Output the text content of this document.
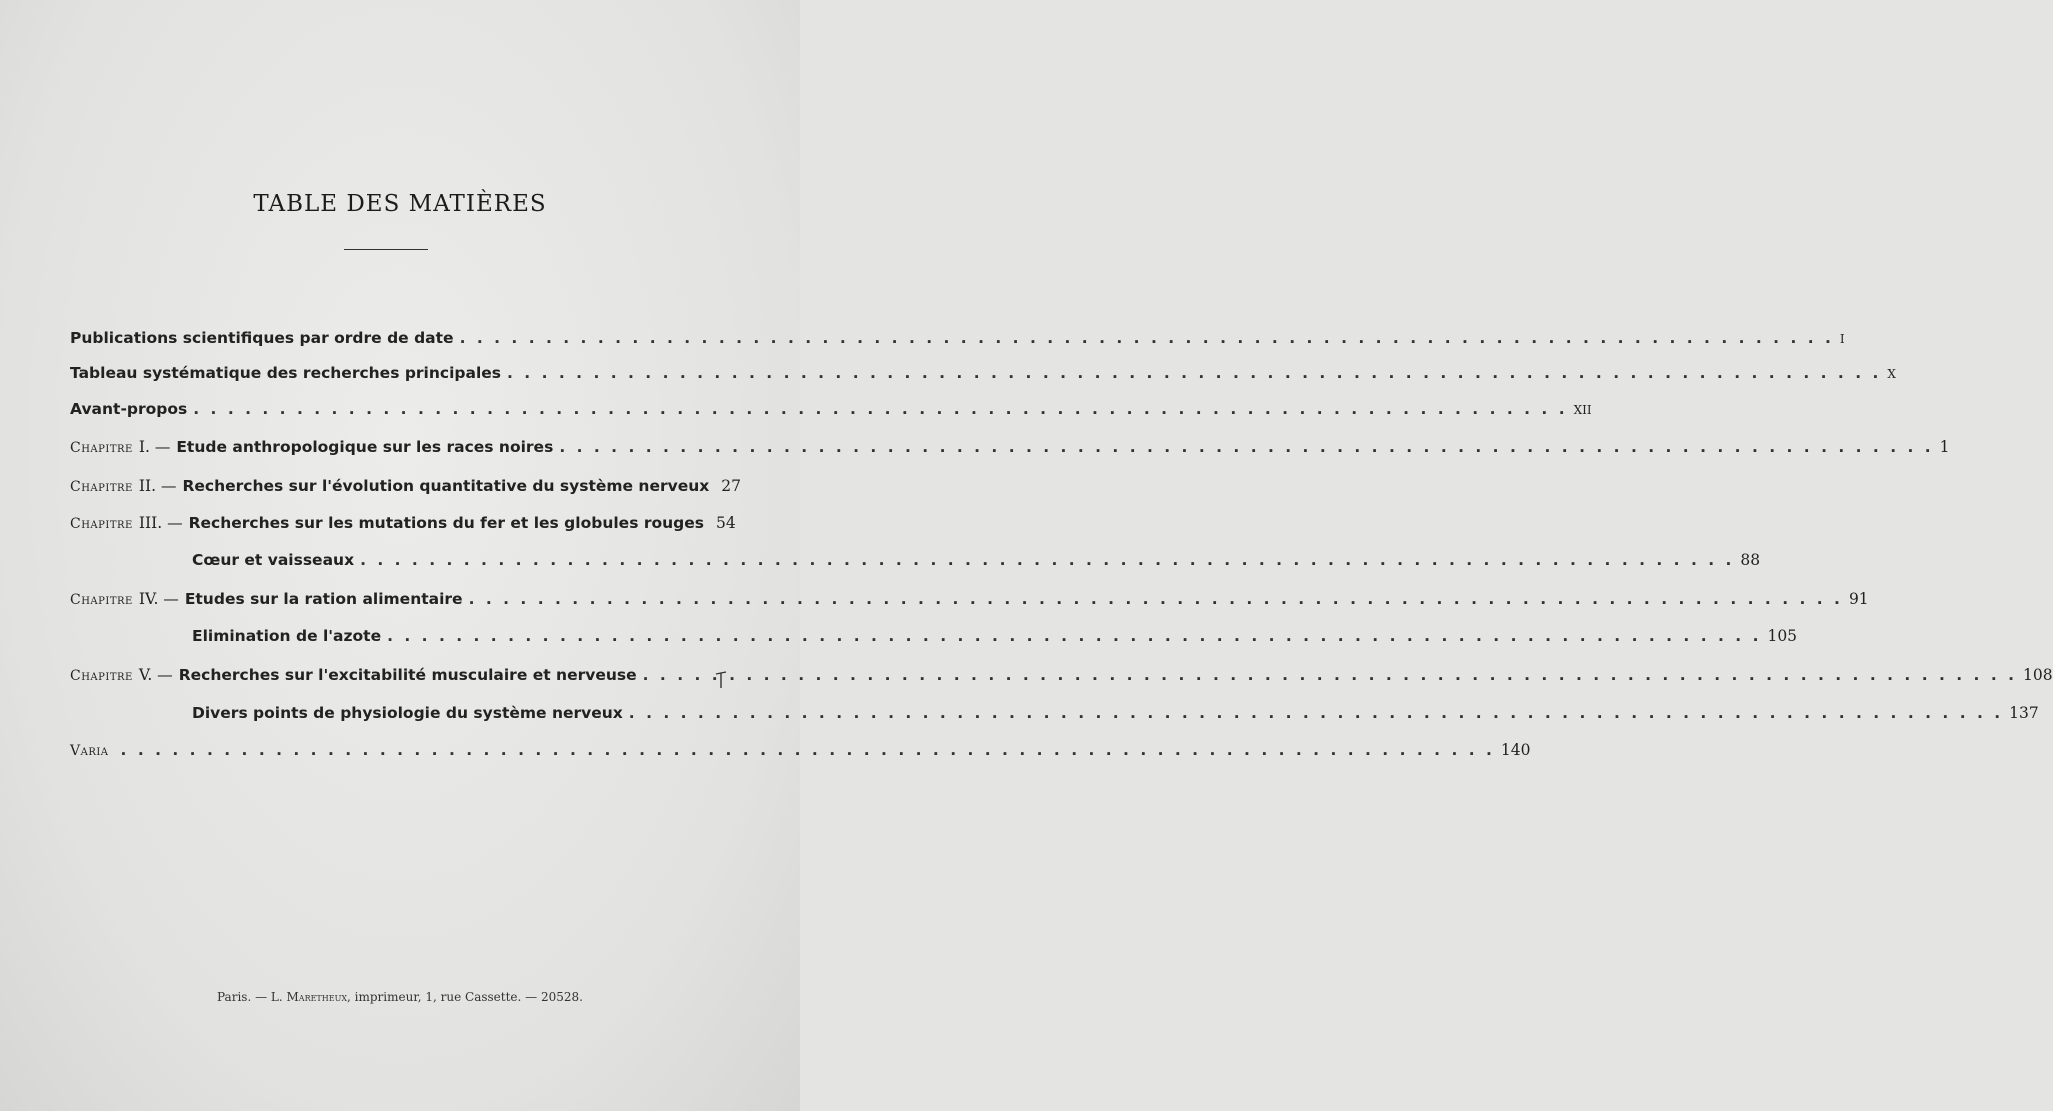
TABLE DES MATIÈRES
Publications scientifiques par ordre de date . . .	I
Tableau systématique des recherches principales . . .	X
Avant-propos . . .	XII
Chapitre I. — Etude anthropologique sur les races noires . . .	1
Chapitre II. — Recherches sur l'évolution quantitative du système nerveux 27
Chapitre III. — Recherches sur les mutations du fer et les globules rouges 54
Cœur et vaisseaux . . .	88
Chapitre IV. — Etudes sur la ration alimentaire . . .	91
Elimination de l'azote . . .	105
Chapitre V. — Recherches sur l'excitabilité musculaire et nerveuse . . .	108
Divers points de physiologie du système nerveux . . .	137
Varia . . .	140
Paris. — L. Maretheux, imprimeur, 1, rue Cassette. — 20528.
